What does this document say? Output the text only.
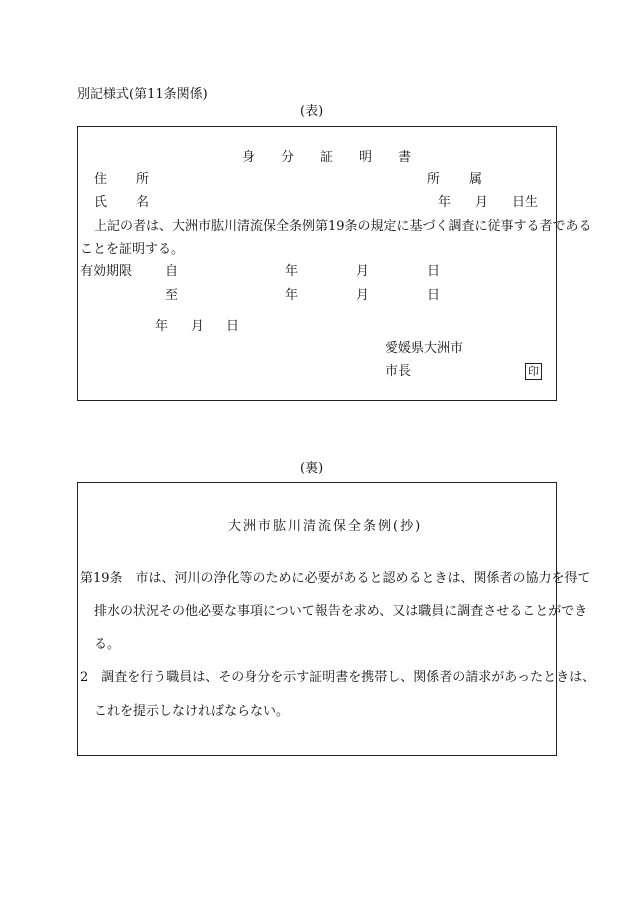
別記様式(第11条関係)
(表)
身分証明書
住　所	所　属
氏　名	年 月 日生
上記の者は、大洲市肱川清流保全条例第19条の規定に基づく調査に従事する者である
ことを証明する。
有効期限	自	年	月	日
至	年	月	日
年 月 日
愛媛県大洲市
市長	印
(裏)
大洲市肱川清流保全条例(抄)
第19条　市は、河川の浄化等のために必要があると認めるときは、関係者の協力を得て
排水の状況その他必要な事項について報告を求め、又は職員に調査させることができ
る。
2　調査を行う職員は、その身分を示す証明書を携帯し、関係者の請求があったときは、
これを提示しなければならない。
